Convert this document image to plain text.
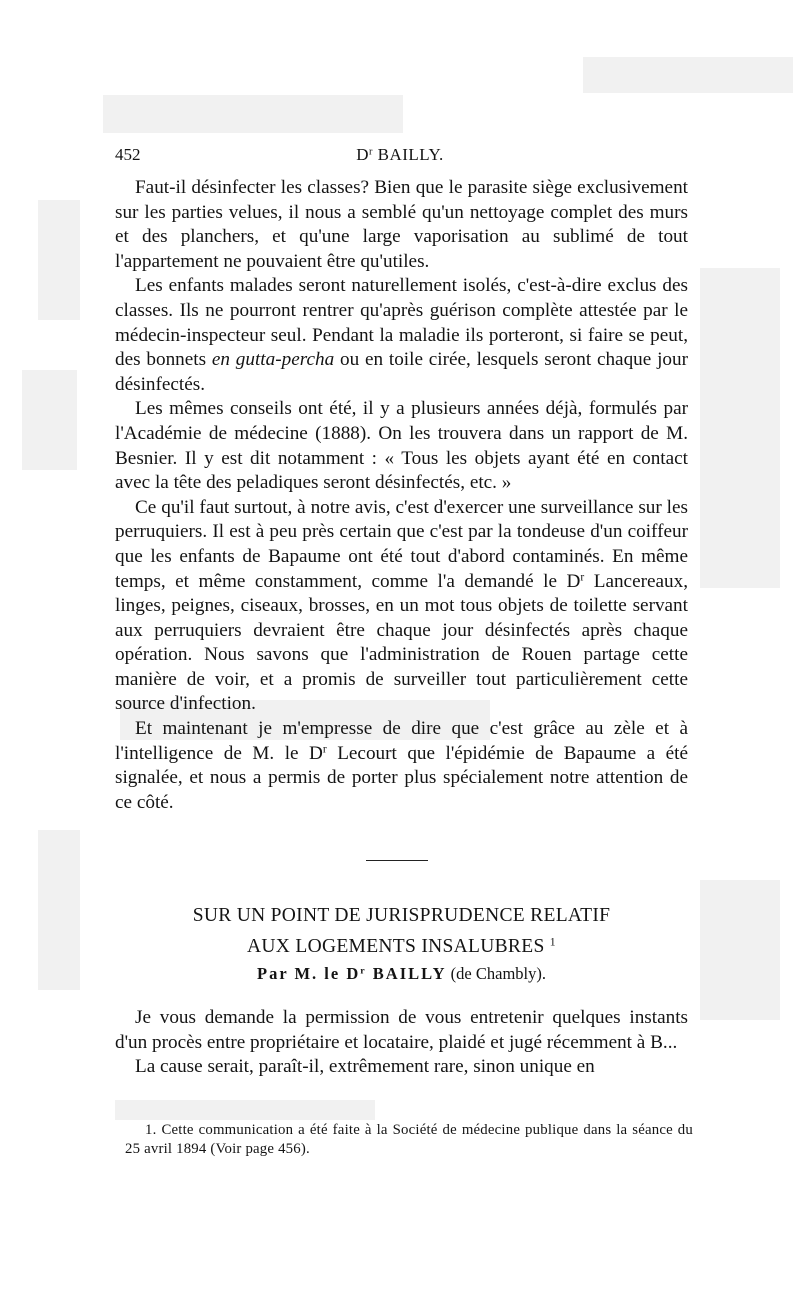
452	$D^r$ BAILLY.

Faut-il désinfecter les classes? Bien que le parasite siège exclusivement sur les parties velues, il nous a semblé qu'un nettoyage complet des murs et des planchers, et qu'une large vaporisation au sublimé de tout l'appartement ne pouvaient être qu'utiles.

Les enfants malades seront naturellement isolés, c'est-à-dire exclus des classes. Ils ne pourront rentrer qu'après guérison complète attestée par le médecin-inspecteur seul. Pendant la maladie ils porteront, si faire se peut, des bonnets en gutta-percha ou en toile cirée, lesquels seront chaque jour désinfectés.

Les mêmes conseils ont été, il y a plusieurs années déjà, formulés par l'Académie de médecine (1888). On les trouvera dans un rapport de M. Besnier. Il y est dit notamment : « Tous les objets ayant été en contact avec la tête des peladiques seront désinfectés, etc. »

Ce qu'il faut surtout, à notre avis, c'est d'exercer une surveillance sur les perruquiers. Il est à peu près certain que c'est par la tondeuse d'un coiffeur que les enfants de Bapaume ont été tout d'abord contaminés. En même temps, et même constamment, comme l'a demandé le $D^r$ Lancereaux, linges, peignes, ciseaux, brosses, en un mot tous objets de toilette servant aux perruquiers devraient être chaque jour désinfectés après chaque opération. Nous savons que l'administration de Rouen partage cette manière de voir, et a promis de surveiller tout particulièrement cette source d'infection.

Et maintenant je m'empresse de dire que c'est grâce au zèle et à l'intelligence de M. le $D^r$ Lecourt que l'épidémie de Bapaume a été signalée, et nous a permis de porter plus spécialement notre attention de ce côté.

SUR UN POINT DE JURISPRUDENCE RELATIF
AUX LOGEMENTS INSALUBRES $^1$
Par M. le $D^r$ BAILLY (de Chambly).

Je vous demande la permission de vous entretenir quelques instants d'un procès entre propriétaire et locataire, plaidé et jugé récemment à B...

La cause serait, paraît-il, extrêmement rare, sinon unique en

1. Cette communication a été faite à la Société de médecine publique dans la séance du 25 avril 1894 (Voir page 456).
